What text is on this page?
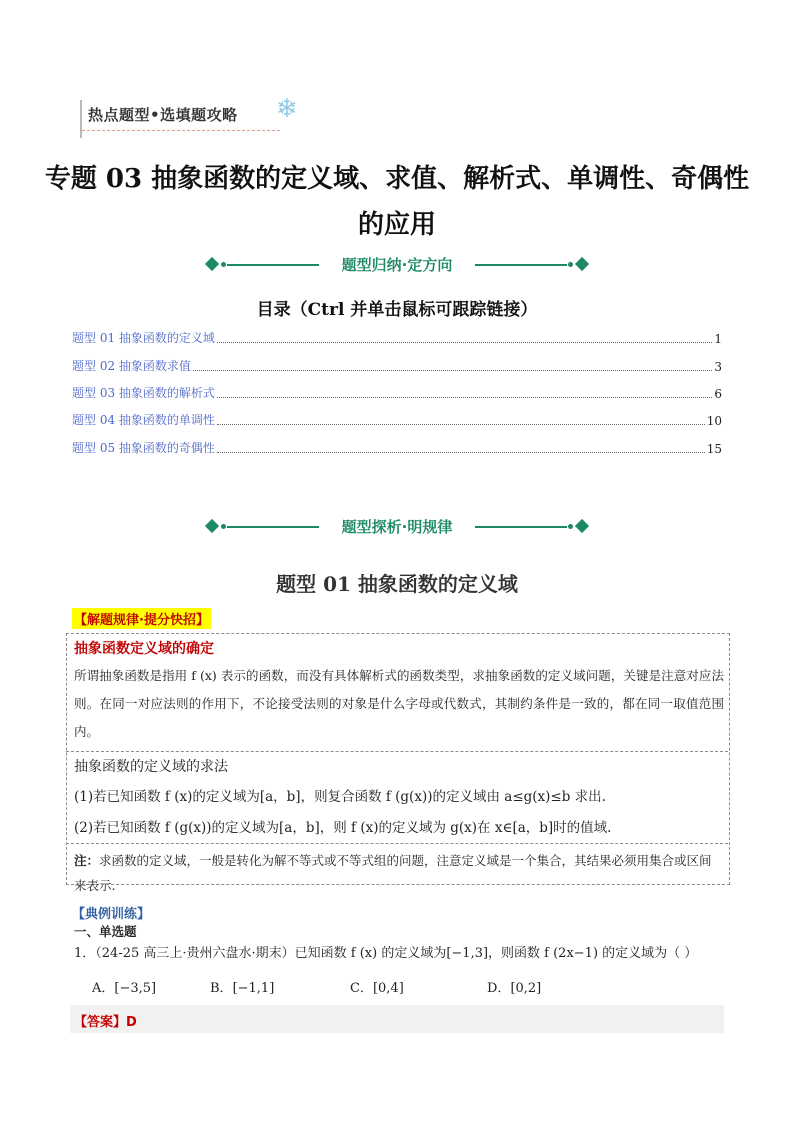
热点题型•选填题攻略 ❄
专题 03 抽象函数的定义域、求值、解析式、单调性、奇偶性
的应用
题型归纳·定方向
目录（Ctrl 并单击鼠标可跟踪链接）
题型 01 抽象函数的定义域	1
题型 02 抽象函数求值	3
题型 03 抽象函数的解析式	6
题型 04 抽象函数的单调性	10
题型 05 抽象函数的奇偶性	15
题型探析·明规律
题型 01 抽象函数的定义域
【解题规律·提分快招】
抽象函数定义域的确定
所谓抽象函数是指用 f (x) 表示的函数，而没有具体解析式的函数类型，求抽象函数的定义域问题，关键是注意对应法则。在同一对应法则的作用下，不论接受法则的对象是什么字母或代数式，其制约条件是一致的，都在同一取值范围内。
抽象函数的定义域的求法
(1)若已知函数 f (x)的定义域为[a，b]，则复合函数 f (g(x))的定义域由 a≤g(x)≤b 求出.
(2)若已知函数 f (g(x))的定义域为[a，b]，则 f (x)的定义域为 g(x)在 x∈[a，b]时的值域.
注：求函数的定义域，一般是转化为解不等式或不等式组的问题，注意定义域是一个集合，其结果必须用集合或区间来表示.
【典例训练】
一、单选题
1．（24-25 高三上·贵州六盘水·期末）已知函数 f (x) 的定义域为[−1,3]，则函数 f (2x−1) 的定义域为（ ）
A．[−3,5]	B．[−1,1]	C．[0,4]	D．[0,2]
【答案】D
